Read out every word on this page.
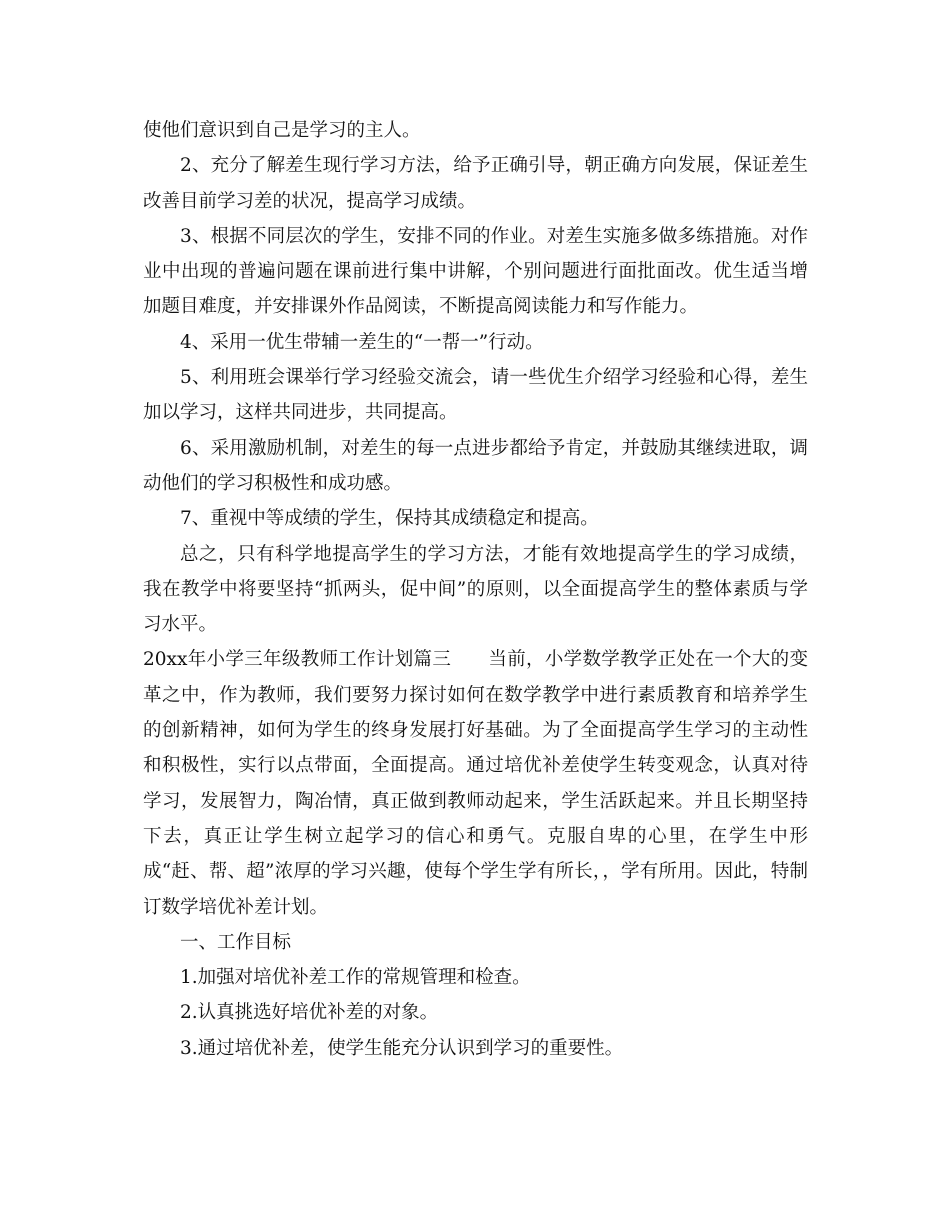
使他们意识到自己是学习的主人。

2、充分了解差生现行学习方法，给予正确引导，朝正确方向发展，保证差生改善目前学习差的状况，提高学习成绩。

3、根据不同层次的学生，安排不同的作业。对差生实施多做多练措施。对作业中出现的普遍问题在课前进行集中讲解，个别问题进行面批面改。优生适当增加题目难度，并安排课外作品阅读，不断提高阅读能力和写作能力。

4、采用一优生带辅一差生的“一帮一”行动。

5、利用班会课举行学习经验交流会，请一些优生介绍学习经验和心得，差生加以学习，这样共同进步，共同提高。

6、采用激励机制，对差生的每一点进步都给予肯定，并鼓励其继续进取，调动他们的学习积极性和成功感。

7、重视中等成绩的学生，保持其成绩稳定和提高。

总之，只有科学地提高学生的学习方法，才能有效地提高学生的学习成绩，我在教学中将要坚持“抓两头，促中间”的原则，以全面提高学生的整体素质与学习水平。

20xx年小学三年级教师工作计划篇三 当前，小学数学教学正处在一个大的变革之中，作为教师，我们要努力探讨如何在数学教学中进行素质教育和培养学生的创新精神，如何为学生的终身发展打好基础。为了全面提高学生学习的主动性和积极性，实行以点带面，全面提高。通过培优补差使学生转变观念，认真对待学习，发展智力，陶冶情，真正做到教师动起来，学生活跃起来。并且长期坚持下去，真正让学生树立起学习的信心和勇气。克服自卑的心里，在学生中形成“赶、帮、超”浓厚的学习兴趣，使每个学生学有所长，，学有所用。因此，特制订数学培优补差计划。

一、工作目标

1.加强对培优补差工作的常规管理和检查。

2.认真挑选好培优补差的对象。

3.通过培优补差，使学生能充分认识到学习的重要性。
